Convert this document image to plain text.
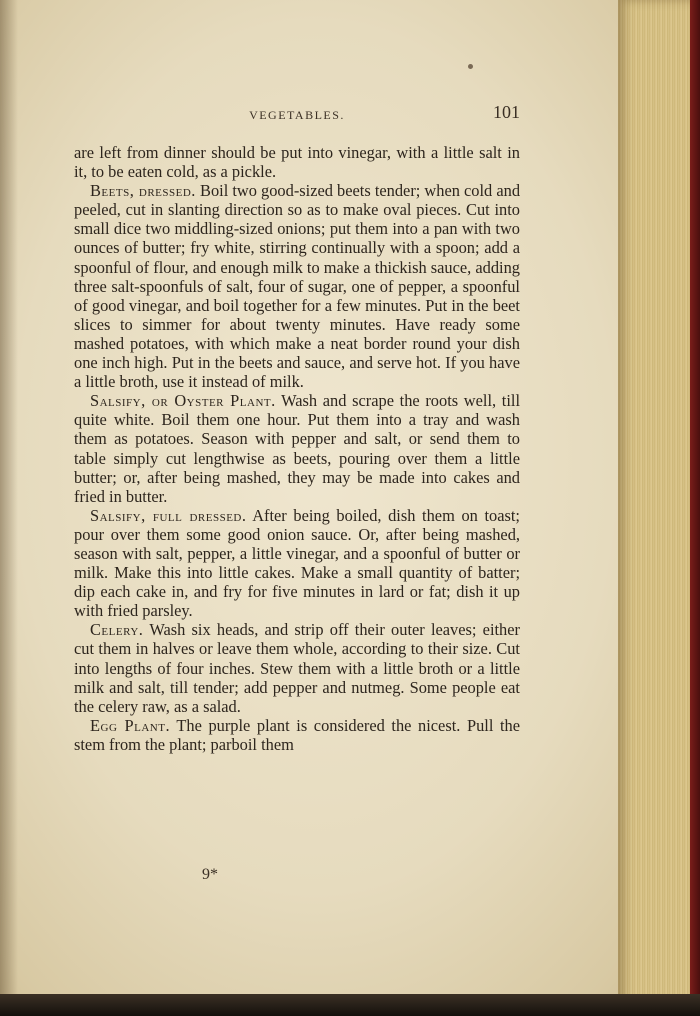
VEGETABLES.	101

are left from dinner should be put into vinegar, with a little salt in it, to be eaten cold, as a pickle.

Beets, dressed. Boil two good-sized beets tender; when cold and peeled, cut in slanting direction so as to make oval pieces. Cut into small dice two middling-sized onions; put them into a pan with two ounces of butter; fry white, stirring continually with a spoon; add a spoonful of flour, and enough milk to make a thickish sauce, adding three salt-spoonfuls of salt, four of sugar, one of pepper, a spoonful of good vinegar, and boil together for a few minutes. Put in the beet slices to simmer for about twenty minutes. Have ready some mashed potatoes, with which make a neat border round your dish one inch high. Put in the beets and sauce, and serve hot. If you have a little broth, use it instead of milk.

Salsify, or Oyster Plant. Wash and scrape the roots well, till quite white. Boil them one hour. Put them into a tray and wash them as potatoes. Season with pepper and salt, or send them to table simply cut lengthwise as beets, pouring over them a little butter; or, after being mashed, they may be made into cakes and fried in butter.

Salsify, full dressed. After being boiled, dish them on toast; pour over them some good onion sauce. Or, after being mashed, season with salt, pepper, a little vinegar, and a spoonful of butter or milk. Make this into little cakes. Make a small quantity of batter; dip each cake in, and fry for five minutes in lard or fat; dish it up with fried parsley.

Celery. Wash six heads, and strip off their outer leaves; either cut them in halves or leave them whole, according to their size. Cut into lengths of four inches. Stew them with a little broth or a little milk and salt, till tender; add pepper and nutmeg. Some people eat the celery raw, as a salad.

Egg Plant. The purple plant is considered the nicest. Pull the stem from the plant; parboil them

9*
